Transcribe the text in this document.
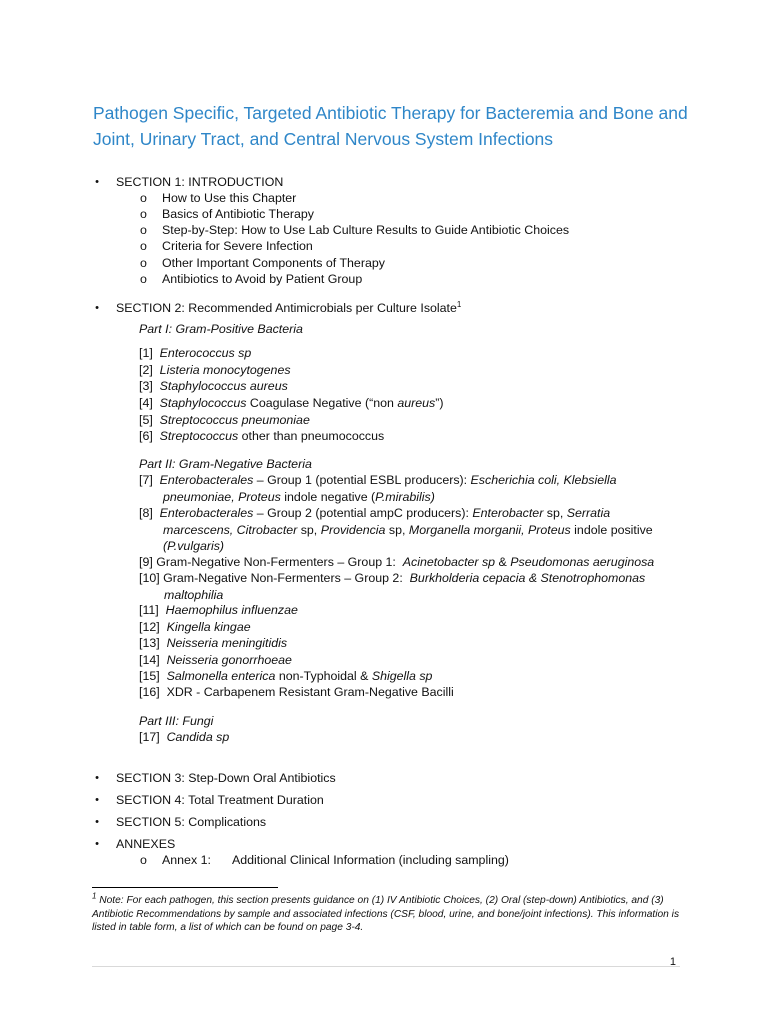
Pathogen Specific, Targeted Antibiotic Therapy for Bacteremia and Bone and Joint, Urinary Tract, and Central Nervous System Infections
• SECTION 1: INTRODUCTION
o How to Use this Chapter
o Basics of Antibiotic Therapy
o Step-by-Step: How to Use Lab Culture Results to Guide Antibiotic Choices
o Criteria for Severe Infection
o Other Important Components of Therapy
o Antibiotics to Avoid by Patient Group
• SECTION 2: Recommended Antimicrobials per Culture Isolate$^1$
Part I: Gram-Positive Bacteria
[1] Enterococcus sp
[2] Listeria monocytogenes
[3] Staphylococcus aureus
[4] Staphylococcus Coagulase Negative (“non aureus”)
[5] Streptococcus pneumoniae
[6] Streptococcus other than pneumococcus
Part II: Gram-Negative Bacteria
[7] Enterobacterales – Group 1 (potential ESBL producers): Escherichia coli, Klebsiella
pneumoniae, Proteus indole negative (P.mirabilis)
[8] Enterobacterales – Group 2 (potential ampC producers): Enterobacter sp, Serratia
marcescens, Citrobacter sp, Providencia sp, Morganella morganii, Proteus indole positive
(P.vulgaris)
[9] Gram-Negative Non-Fermenters – Group 1:  Acinetobacter sp & Pseudomonas aeruginosa
[10] Gram-Negative Non-Fermenters – Group 2:  Burkholderia cepacia & Stenotrophomonas
maltophilia
[11] Haemophilus influenzae
[12] Kingella kingae
[13] Neisseria meningitidis
[14] Neisseria gonorrhoeae
[15] Salmonella enterica non-Typhoidal & Shigella sp
[16] XDR - Carbapenem Resistant Gram-Negative Bacilli
Part III: Fungi
[17] Candida sp
• SECTION 3: Step-Down Oral Antibiotics
• SECTION 4: Total Treatment Duration
• SECTION 5: Complications
• ANNEXES
o Annex 1: Additional Clinical Information (including sampling)
$^1$ Note: For each pathogen, this section presents guidance on (1) IV Antibiotic Choices, (2) Oral (step-down) Antibiotics, and (3) Antibiotic Recommendations by sample and associated infections (CSF, blood, urine, and bone/joint infections). This information is listed in table form, a list of which can be found on page 3-4.
1
